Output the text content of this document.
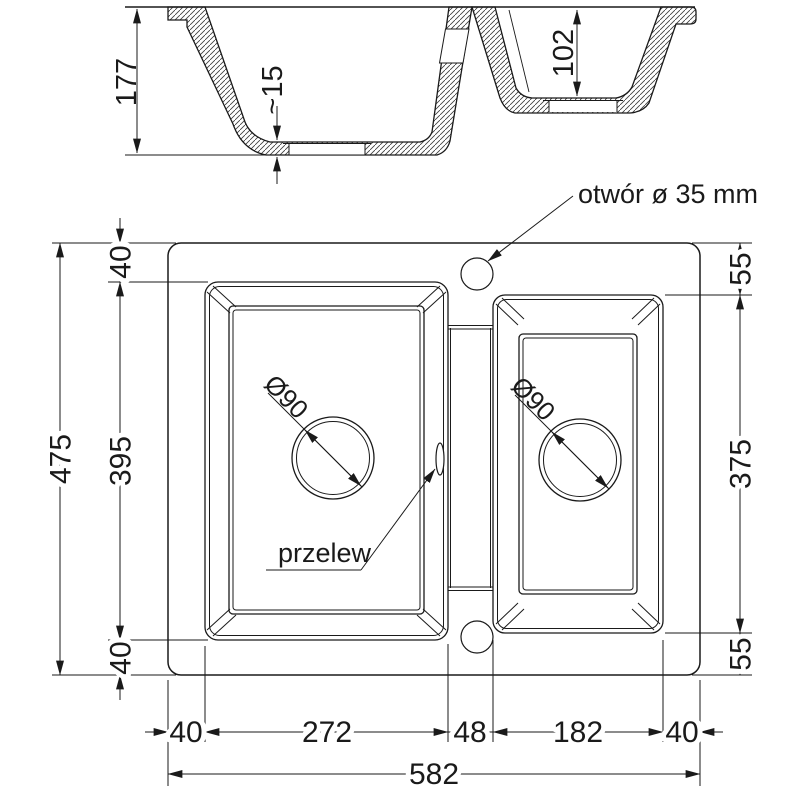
177	~15
102
40
395
40
475
55
375
55
40	272	48 182 40
582
otwór ø 35 mm
przelew
Ø90	Ø90
